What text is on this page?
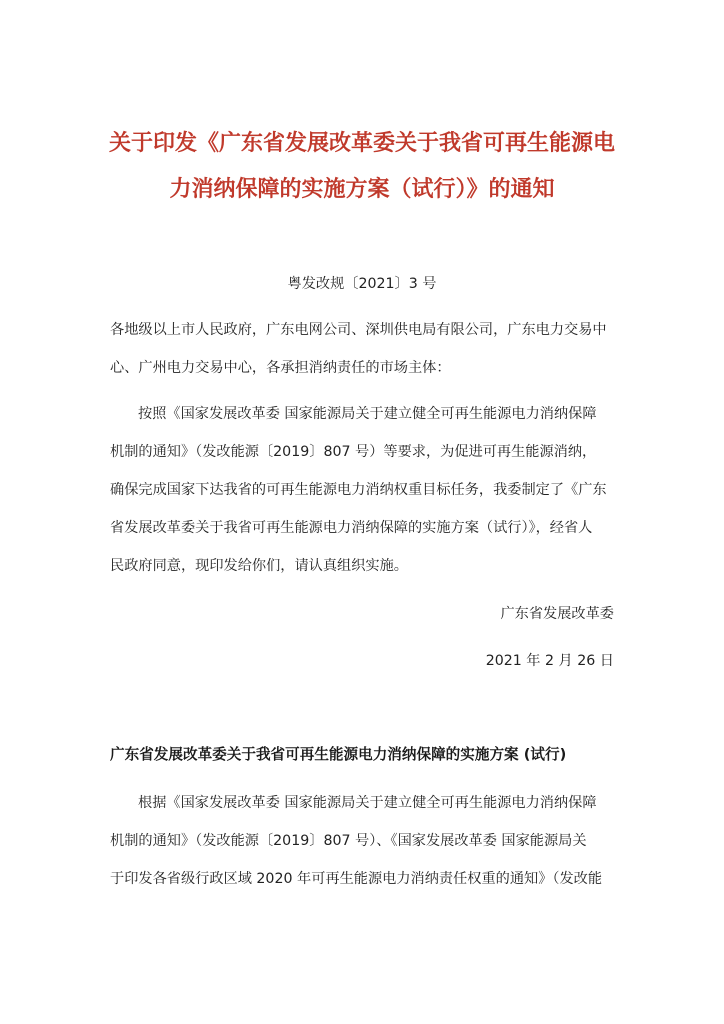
关于印发《广东省发展改革委关于我省可再生能源电
力消纳保障的实施方案（试行）》的通知
粤发改规〔2021〕3 号
各地级以上市人民政府，广东电网公司、深圳供电局有限公司，广东电力交易中
心、广州电力交易中心，各承担消纳责任的市场主体：
按照《国家发展改革委 国家能源局关于建立健全可再生能源电力消纳保障
机制的通知》（发改能源〔2019〕807 号）等要求，为促进可再生能源消纳，
确保完成国家下达我省的可再生能源电力消纳权重目标任务，我委制定了《广东
省发展改革委关于我省可再生能源电力消纳保障的实施方案（试行）》，经省人
民政府同意，现印发给你们，请认真组织实施。
广东省发展改革委
2021 年 2 月 26 日
广东省发展改革委关于我省可再生能源电力消纳保障的实施方案 (试行)
根据《国家发展改革委 国家能源局关于建立健全可再生能源电力消纳保障
机制的通知》（发改能源〔2019〕807 号）、《国家发展改革委 国家能源局关
于印发各省级行政区域 2020 年可再生能源电力消纳责任权重的通知》（发改能
